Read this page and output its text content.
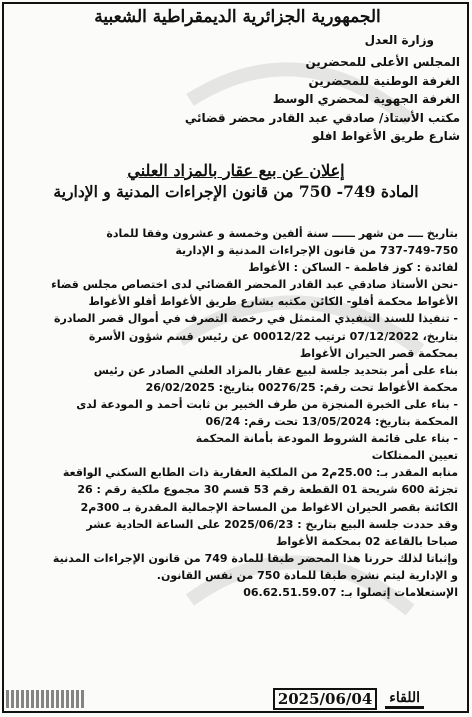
الجمهورية الجزائرية الديمقراطية الشعبية

وزارة العدل

المجلس الأعلى للمحضرين

الغرفة الوطنية للمحضرين

الغرفة الجهوية لمحضري الوسط

مكتب الأستاذ/ صادقي عبد القادر محضر قضائي

شارع طريق الأغواط افلو

إعلان عن بيع عقار بالمزاد العلني
المادة 749- 750 من قانون الإجراءات المدنية و الإدارية

بتاريخ ــــ من شهر ــــــ سنة ألفين وخمسة و عشرون وفقا للمادة

737-749-750 من قانون الإجراءات المدنية و الإدارية

لفائدة : كوز فاطمة - الساكن : الأغواط

-نحن الأستاذ صادقي عبد القادر المحضر القضائي لدى اختصاص مجلس قضاء

الأغواط محكمة أفلو- الكائن مكتبه بشارع طريق الأغواط أفلو الأغواط

- تنفيذا للسند التنفيذي المتمثل في رخصة التصرف في أموال قصر الصادرة

بتاريخ، 07/12/2022 ترتيب 00012/22 عن رئيس قسم شؤون الأسرة

بمحكمة قصر الحيران الأغواط

بناء على أمر بتحديد جلسة لبيع عقار بالمزاد العلني الصادر عن رئيس

محكمة الأغواط تحت رقم: 00276/25 بتاريخ: 26/02/2025

- بناء على الخبرة المنجزة من طرف الخبير بن ثابت أحمد و المودعة لدى

المحكمة بتاريخ: 13/05/2024 تحت رقم: 06/24

- بناء على قائمة الشروط المودعة بأمانة المحكمة

تعيين الممتلكات

منابه المقدر بـ: 25.00م2 من الملكية العقارية ذات الطابع السكني الواقعة

تجزئة 600 شريحة 01 القطعة رقم 53 قسم 30 مجموع ملكية رقم : 26

الكائنة بقصر الحيران الاغواط من المساحة الإجمالية المقدرة بـ 300م2

وقد حددت جلسة البيع بتاريخ : 2025/06/23 على الساعة الحادية عشر

صباحا بالقاعة 02 بمحكمة الأغواط

وإثباتا لذلك حررنا هذا المحضر طبقا للمادة 749 من قانون الإجراءات المدنية

و الإدارية ليتم نشره طبقا للمادة 750 من نفس القانون.

الإستعلامات إتصلوا بـ: 06.62.51.59.07

اللقاء
2025/06/04
